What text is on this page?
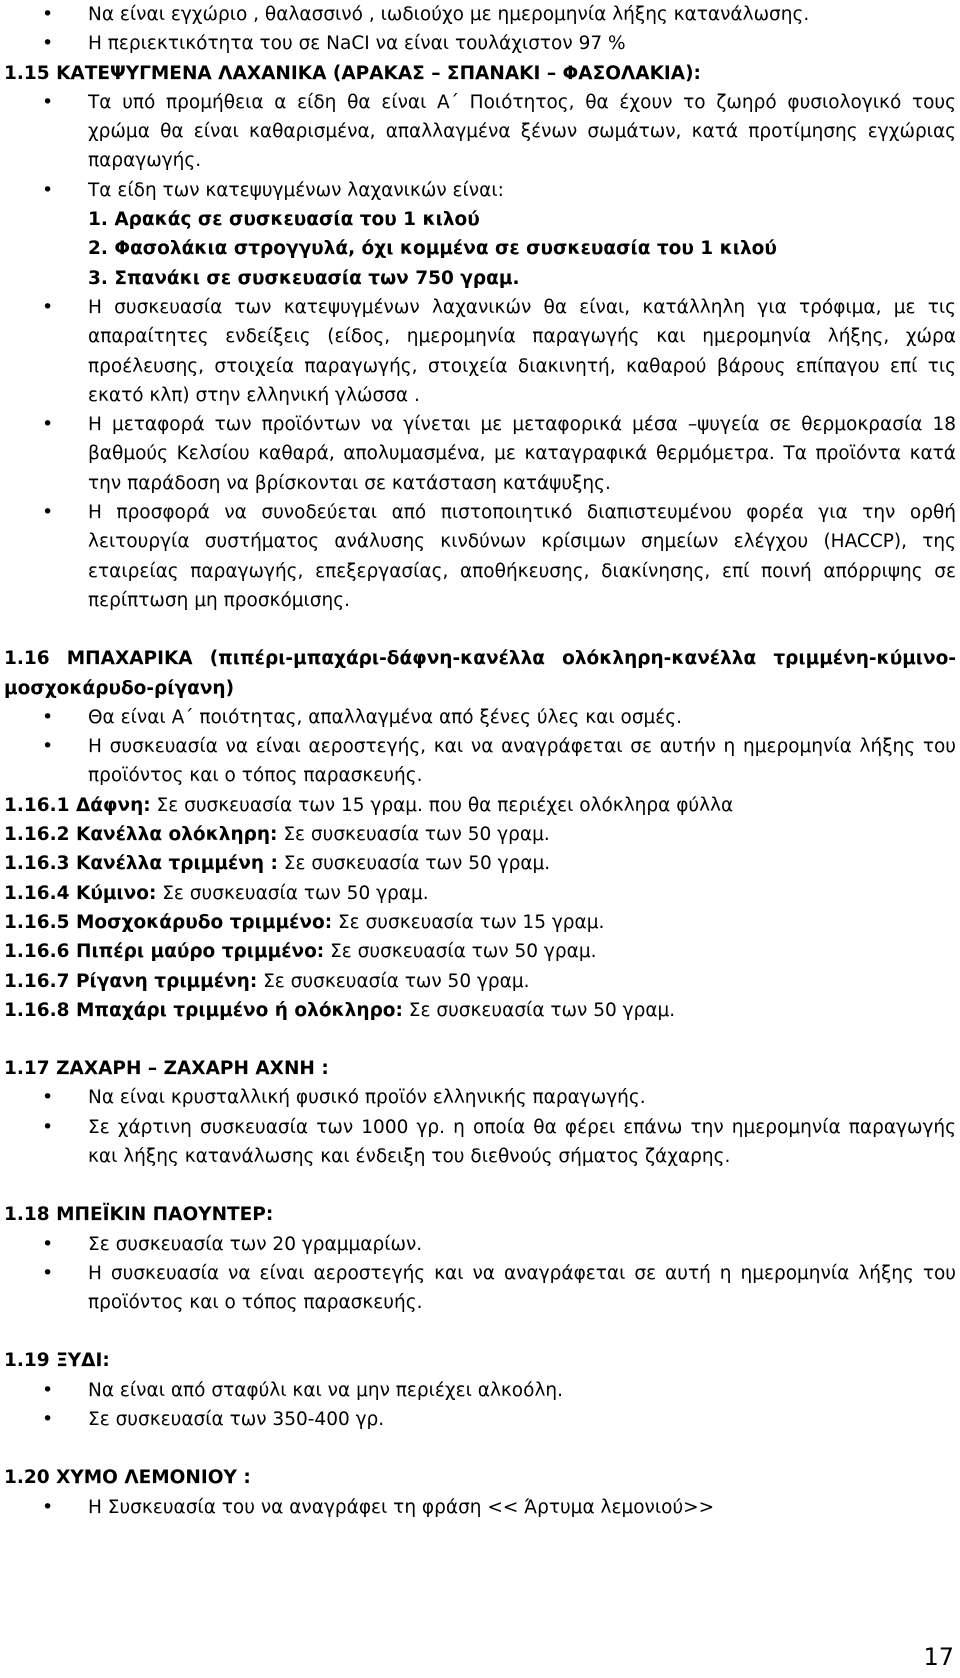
• Να είναι εγχώριο , θαλασσινό , ιωδιούχο με ημερομηνία λήξης κατανάλωσης.
• Η περιεκτικότητα του σε NaCI να είναι τουλάχιστον 97 %

1.15 ΚΑΤΕΨΥΓΜΕΝΑ ΛΑΧΑΝΙΚΑ (ΑΡΑΚΑΣ – ΣΠΑΝΑΚΙ – ΦΑΣΟΛΑΚΙΑ):

• Τα υπό προμήθεια α είδη θα είναι Α΄ Ποιότητος, θα έχουν το ζωηρό φυσιολογικό τους χρώμα θα είναι καθαρισμένα, απαλλαγμένα ξένων σωμάτων, κατά προτίμησης εγχώριας παραγωγής.
• Τα είδη των κατεψυγμένων λαχανικών είναι:

1. Αρακάς σε συσκευασία του 1 κιλού

2. Φασολάκια στρογγυλά, όχι κομμένα σε συσκευασία του 1 κιλού

3. Σπανάκι σε συσκευασία των 750 γραμ.

• Η συσκευασία των κατεψυγμένων λαχανικών θα είναι, κατάλληλη για τρόφιμα, με τις απαραίτητες ενδείξεις (είδος, ημερομηνία παραγωγής και ημερομηνία λήξης, χώρα προέλευσης, στοιχεία παραγωγής, στοιχεία διακινητή, καθαρού βάρους επίπαγου επί τις εκατό κλπ) στην ελληνική γλώσσα .
• Η μεταφορά των προϊόντων να γίνεται με μεταφορικά μέσα –ψυγεία σε θερμοκρασία 18 βαθμούς Κελσίου καθαρά, απολυμασμένα, με καταγραφικά θερμόμετρα. Τα προϊόντα κατά την παράδοση να βρίσκονται σε κατάσταση κατάψυξης.
• Η προσφορά να συνοδεύεται από πιστοποιητικό διαπιστευμένου φορέα για την ορθή λειτουργία συστήματος ανάλυσης κινδύνων κρίσιμων σημείων ελέγχου (HACCP), της εταιρείας παραγωγής, επεξεργασίας, αποθήκευσης, διακίνησης, επί ποινή απόρριψης σε περίπτωση μη προσκόμισης.

1.16 ΜΠΑΧΑΡΙΚΑ (πιπέρι-μπαχάρι-δάφνη-κανέλλα ολόκληρη-κανέλλα τριμμένη-κύμινο- μοσχοκάρυδο-ρίγανη)

• Θα είναι Α΄ ποιότητας, απαλλαγμένα από ξένες ύλες και οσμές.
• Η συσκευασία να είναι αεροστεγής, και να αναγράφεται σε αυτήν η ημερομηνία λήξης του προϊόντος και ο τόπος παρασκευής.

1.16.1 Δάφνη: Σε συσκευασία των 15 γραμ. που θα περιέχει ολόκληρα φύλλα

1.16.2 Κανέλλα ολόκληρη: Σε συσκευασία των 50 γραμ.

1.16.3 Κανέλλα τριμμένη : Σε συσκευασία των 50 γραμ.

1.16.4 Κύμινο: Σε συσκευασία των 50 γραμ.

1.16.5 Μοσχοκάρυδο τριμμένο: Σε συσκευασία των 15 γραμ.

1.16.6 Πιπέρι μαύρο τριμμένο: Σε συσκευασία των 50 γραμ.

1.16.7 Ρίγανη τριμμένη: Σε συσκευασία των 50 γραμ.

1.16.8 Μπαχάρι τριμμένο ή ολόκληρο: Σε συσκευασία των 50 γραμ.

1.17 ΖΑΧΑΡΗ – ΖΑΧΑΡΗ ΑΧΝΗ :

• Να είναι κρυσταλλική φυσικό προϊόν ελληνικής παραγωγής.
• Σε χάρτινη συσκευασία των 1000 γρ. η οποία θα φέρει επάνω την ημερομηνία παραγωγής και λήξης κατανάλωσης και ένδειξη του διεθνούς σήματος ζάχαρης.

1.18 ΜΠΕΪΚΙΝ ΠΑΟΥΝΤΕΡ:

• Σε συσκευασία των 20 γραμμαρίων.
• Η συσκευασία να είναι αεροστεγής και να αναγράφεται σε αυτή η ημερομηνία λήξης του προϊόντος και ο τόπος παρασκευής.

1.19 ΞΥΔΙ:

• Να είναι από σταφύλι και να μην περιέχει αλκοόλη.
• Σε συσκευασία των 350-400 γρ.

1.20 ΧΥΜΟ ΛΕΜΟΝΙΟΥ :

• Η Συσκευασία του να αναγράφει τη φράση << Άρτυμα λεμονιού>>
17
